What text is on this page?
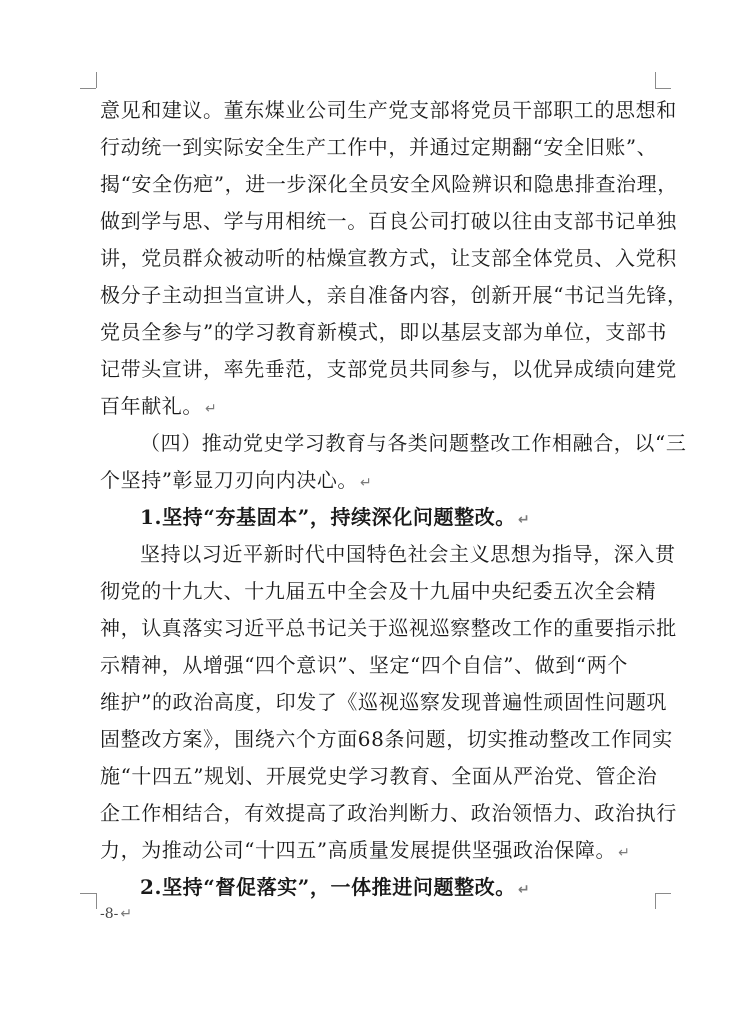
意见和建议。董东煤业公司生产党支部将党员干部职工的思想和
行动统一到实际安全生产工作中，并通过定期翻“安全旧账”、
揭“安全伤疤”，进一步深化全员安全风险辨识和隐患排查治理，
做到学与思、学与用相统一。百良公司打破以往由支部书记单独
讲，党员群众被动听的枯燥宣教方式，让支部全体党员、入党积
极分子主动担当宣讲人，亲自准备内容，创新开展“书记当先锋，
党员全参与”的学习教育新模式，即以基层支部为单位，支部书
记带头宣讲，率先垂范，支部党员共同参与，以优异成绩向建党
百年献礼。 ↵
（四）推动党史学习教育与各类问题整改工作相融合，以“三
个坚持”彰显刀刃向内决心。 ↵
1.坚持“夯基固本”，持续深化问题整改。 ↵
坚持以习近平新时代中国特色社会主义思想为指导，深入贯
彻党的十九大、十九届五中全会及十九届中央纪委五次全会精
神，认真落实习近平总书记关于巡视巡察整改工作的重要指示批
示精神，从增强“四个意识”、坚定“四个自信”、做到“两个
维护”的政治高度，印发了《巡视巡察发现普遍性顽固性问题巩
固整改方案》，围绕六个方面68条问题，切实推动整改工作同实
施“十四五”规划、开展党史学习教育、全面从严治党、管企治
企工作相结合，有效提高了政治判断力、政治领悟力、政治执行
力，为推动公司“十四五”高质量发展提供坚强政治保障。 ↵
2.坚持“督促落实”，一体推进问题整改。 ↵
-8- ↵
